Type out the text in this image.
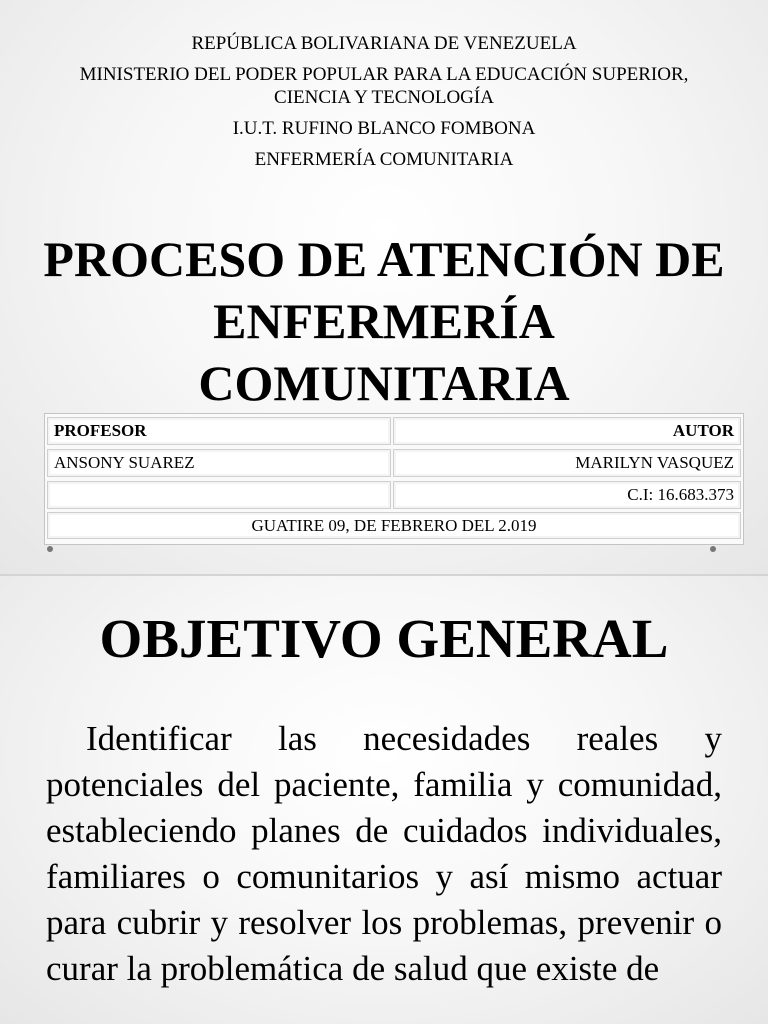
REPÚBLICA BOLIVARIANA DE VENEZUELA
MINISTERIO DEL PODER POPULAR PARA LA EDUCACIÓN SUPERIOR,
CIENCIA Y TECNOLOGÍA
I.U.T. RUFINO BLANCO FOMBONA
ENFERMERÍA COMUNITARIA
PROCESO DE ATENCIÓN DE
ENFERMERÍA
COMUNITARIA
PROFESOR	AUTOR
ANSONY SUAREZ	MARILYN VASQUEZ
C.I: 16.683.373
GUATIRE 09, DE FEBRERO DEL 2.019
OBJETIVO GENERAL

Identificar las necesidades reales y potenciales del paciente, familia y comunidad, estableciendo planes de cuidados individuales, familiares o comunitarios y así mismo actuar para cubrir y resolver los problemas, prevenir o curar la problemática de salud que existe de
